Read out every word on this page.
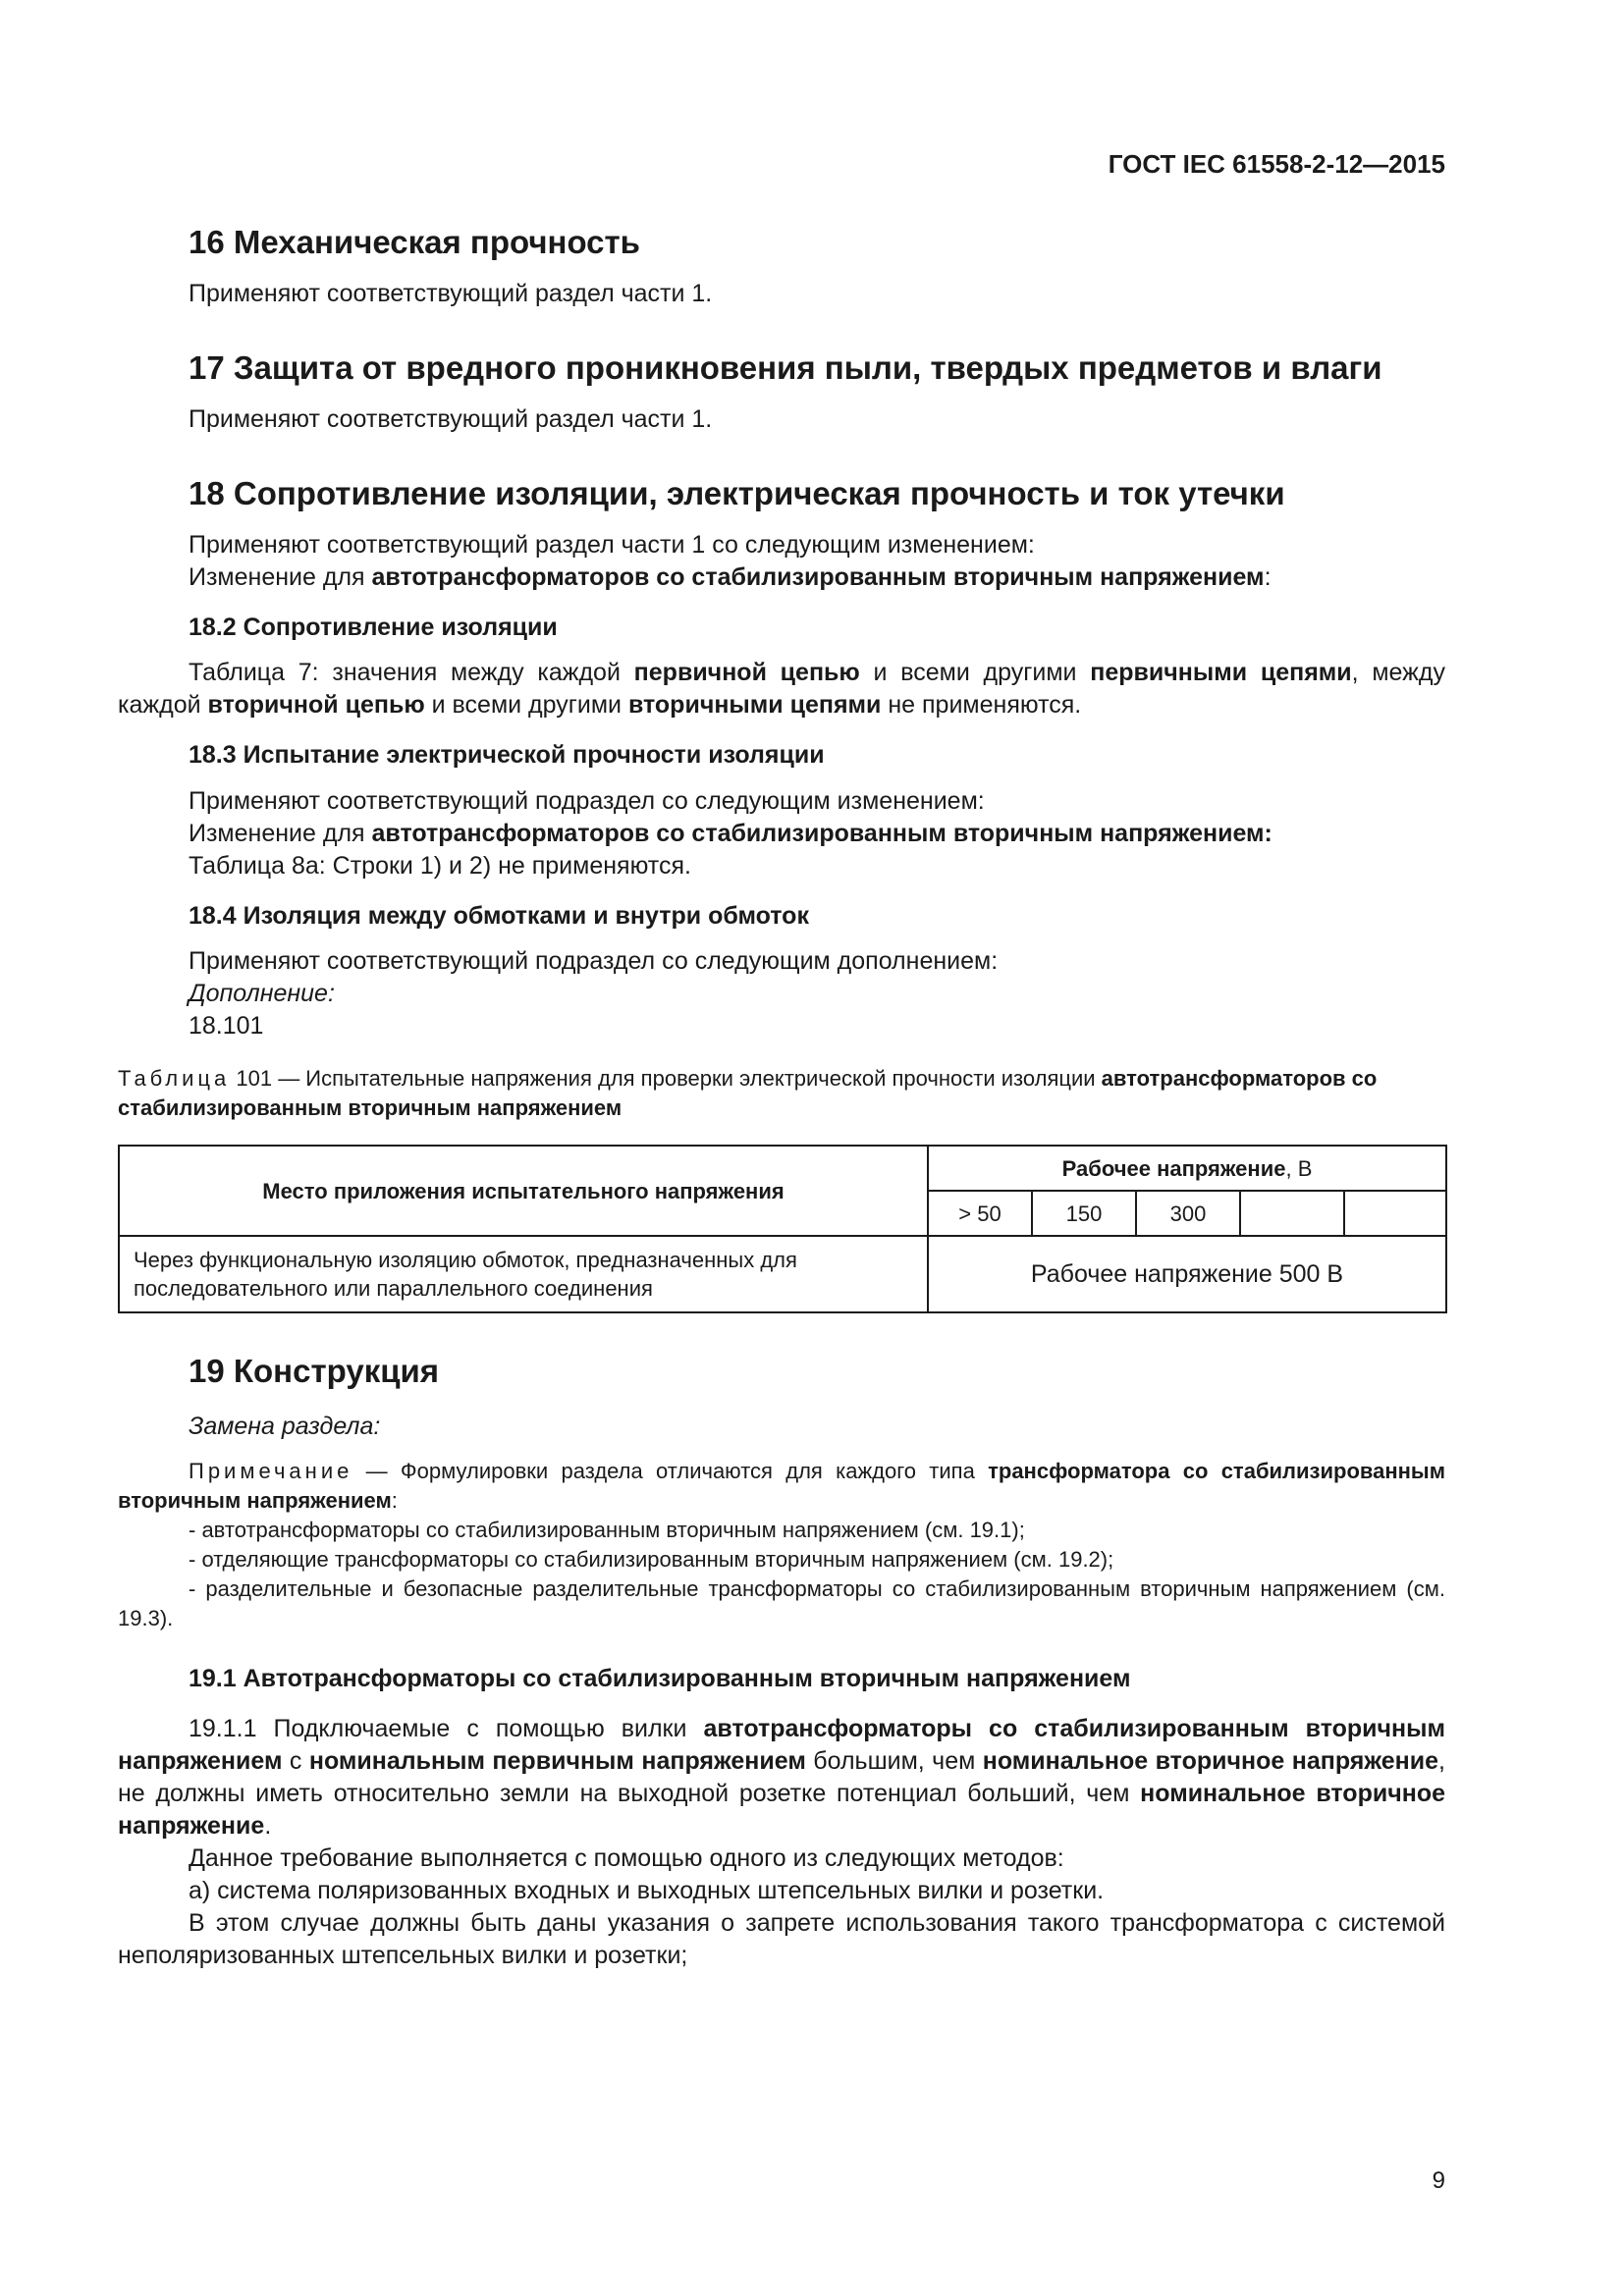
ГОСТ IEC 61558-2-12—2015
16 Механическая прочность

Применяют соответствующий раздел части 1.

17 Защита от вредного проникновения пыли, твердых предметов и влаги

Применяют соответствующий раздел части 1.

18 Сопротивление изоляции, электрическая прочность и ток утечки

Применяют соответствующий раздел части 1 со следующим изменением:

Изменение для автотрансформаторов со стабилизированным вторичным напряжением:

18.2 Сопротивление изоляции

Таблица 7: значения между каждой первичной цепью и всеми другими первичными цепями, между каждой вторичной цепью и всеми другими вторичными цепями не применяются.

18.3 Испытание электрической прочности изоляции

Применяют соответствующий подраздел со следующим изменением:

Изменение для автотрансформаторов со стабилизированным вторичным напряжением:

Таблица 8а: Строки 1) и 2) не применяются.

18.4 Изоляция между обмотками и внутри обмоток

Применяют соответствующий подраздел со следующим дополнением:

Дополнение:

18.101

Таблица 101 — Испытательные напряжения для проверки электрической прочности изоляции автотрансформаторов со стабилизированным вторичным напряжением

Место приложения испытательного напряжения	Рабочее напряжение, В				
	> 50	150	300		
Через функциональную изоляцию обмоток, предназначенных для последовательного или параллельного соединения	Рабочее напряжение 500 В				
19 Конструкция

Замена раздела:

Примечание — Формулировки раздела отличаются для каждого типа трансформатора со стабилизированным вторичным напряжением:

- автотрансформаторы со стабилизированным вторичным напряжением (см. 19.1);

- отделяющие трансформаторы со стабилизированным вторичным напряжением (см. 19.2);

- разделительные и безопасные разделительные трансформаторы со стабилизированным вторичным напряжением (см. 19.3).

19.1 Автотрансформаторы со стабилизированным вторичным напряжением

19.1.1 Подключаемые с помощью вилки автотрансформаторы со стабилизированным вторичным напряжением с номинальным первичным напряжением большим, чем номинальное вторичное напряжение, не должны иметь относительно земли на выходной розетке потенциал больший, чем номинальное вторичное напряжение.

Данное требование выполняется с помощью одного из следующих методов:

а) система поляризованных входных и выходных штепсельных вилки и розетки.

В этом случае должны быть даны указания о запрете использования такого трансформатора с системой неполяризованных штепсельных вилки и розетки;

9
